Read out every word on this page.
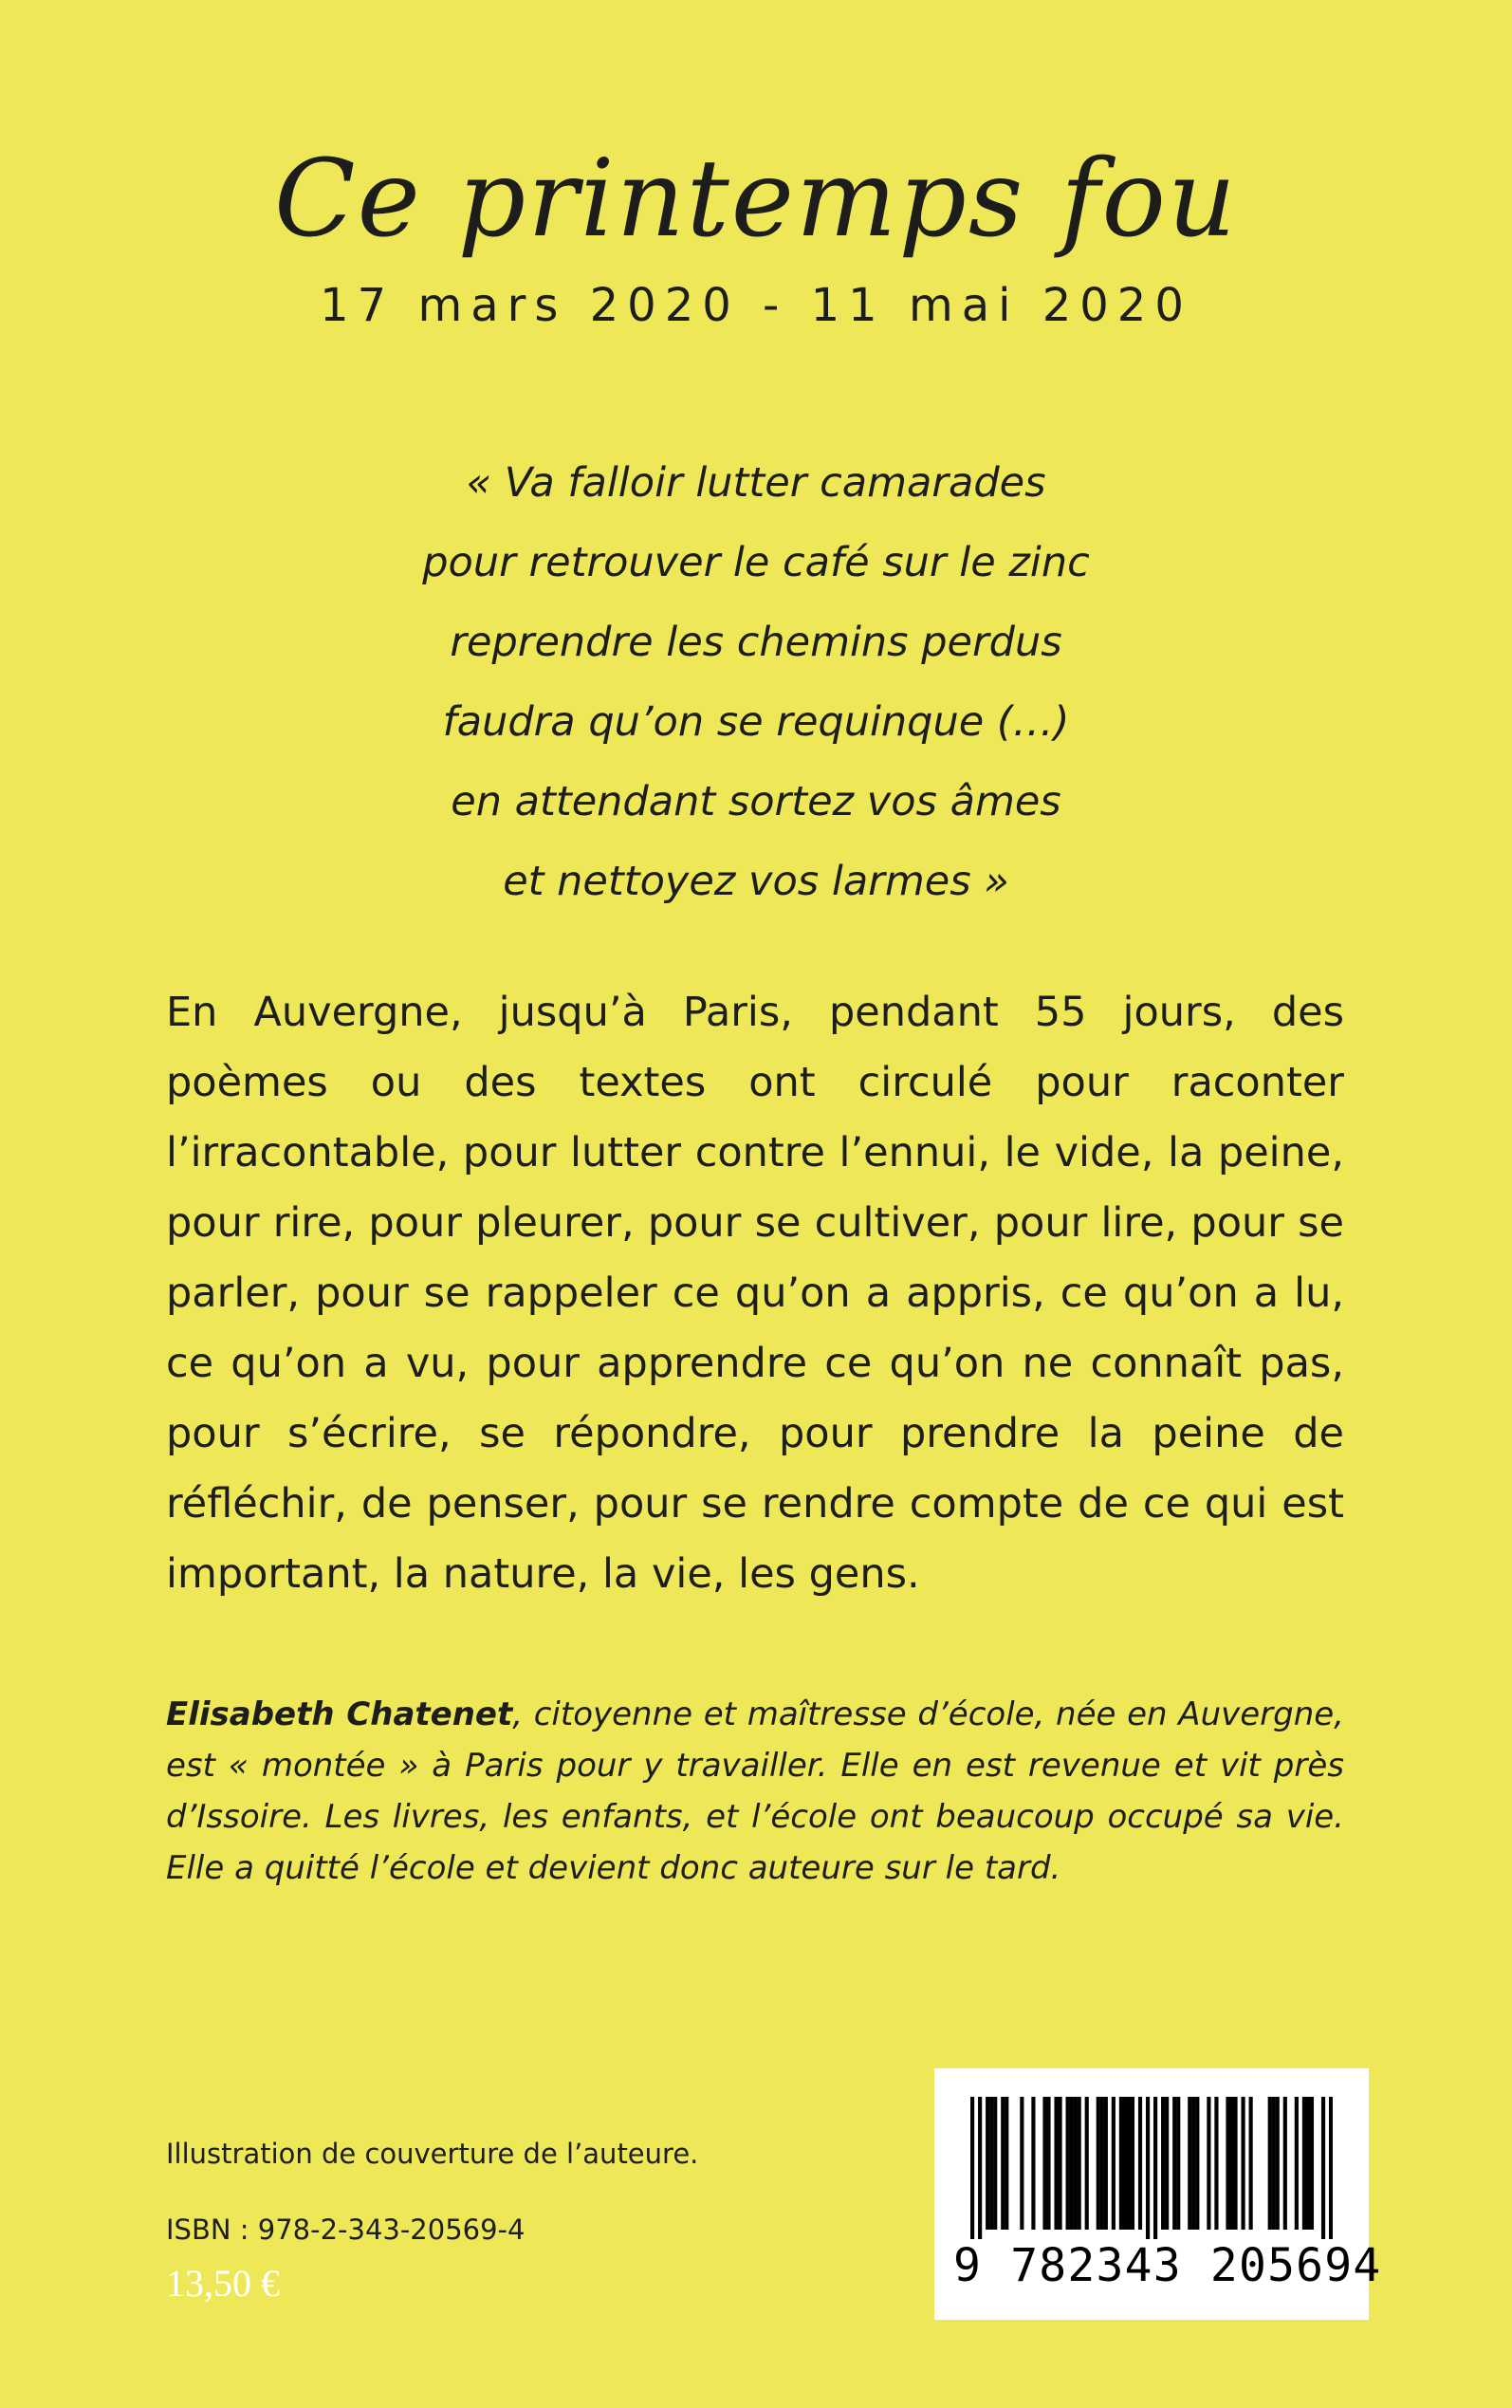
Ce printemps fou
17 mars 2020 - 11 mai 2020
« Va falloir lutter camarades
pour retrouver le café sur le zinc
reprendre les chemins perdus
faudra qu’on se requinque (…)
en attendant sortez vos âmes
et nettoyez vos larmes »

En Auvergne, jusqu’à Paris, pendant 55 jours, des poèmes ou des textes ont circulé pour raconter l’irracontable, pour lutter contre l’ennui, le vide, la peine, pour rire, pour pleurer, pour se cultiver, pour lire, pour se parler, pour se rappeler ce qu’on a appris, ce qu’on a lu, ce qu’on a vu, pour apprendre ce qu’on ne connaît pas, pour s’écrire, se répondre, pour prendre la peine de réfléchir, de penser, pour se rendre compte de ce qui est important, la nature, la vie, les gens.

Elisabeth Chatenet, citoyenne et maîtresse d’école, née en Auvergne, est « montée » à Paris pour y travailler. Elle en est revenue et vit près d’Issoire. Les livres, les enfants, et l’école ont beaucoup occupé sa vie. Elle a quitté l’école et devient donc auteure sur le tard.

Illustration de couverture de l’auteure.
ISBN : 978-2-343-20569-4
13,50 €	9 782343 205694
